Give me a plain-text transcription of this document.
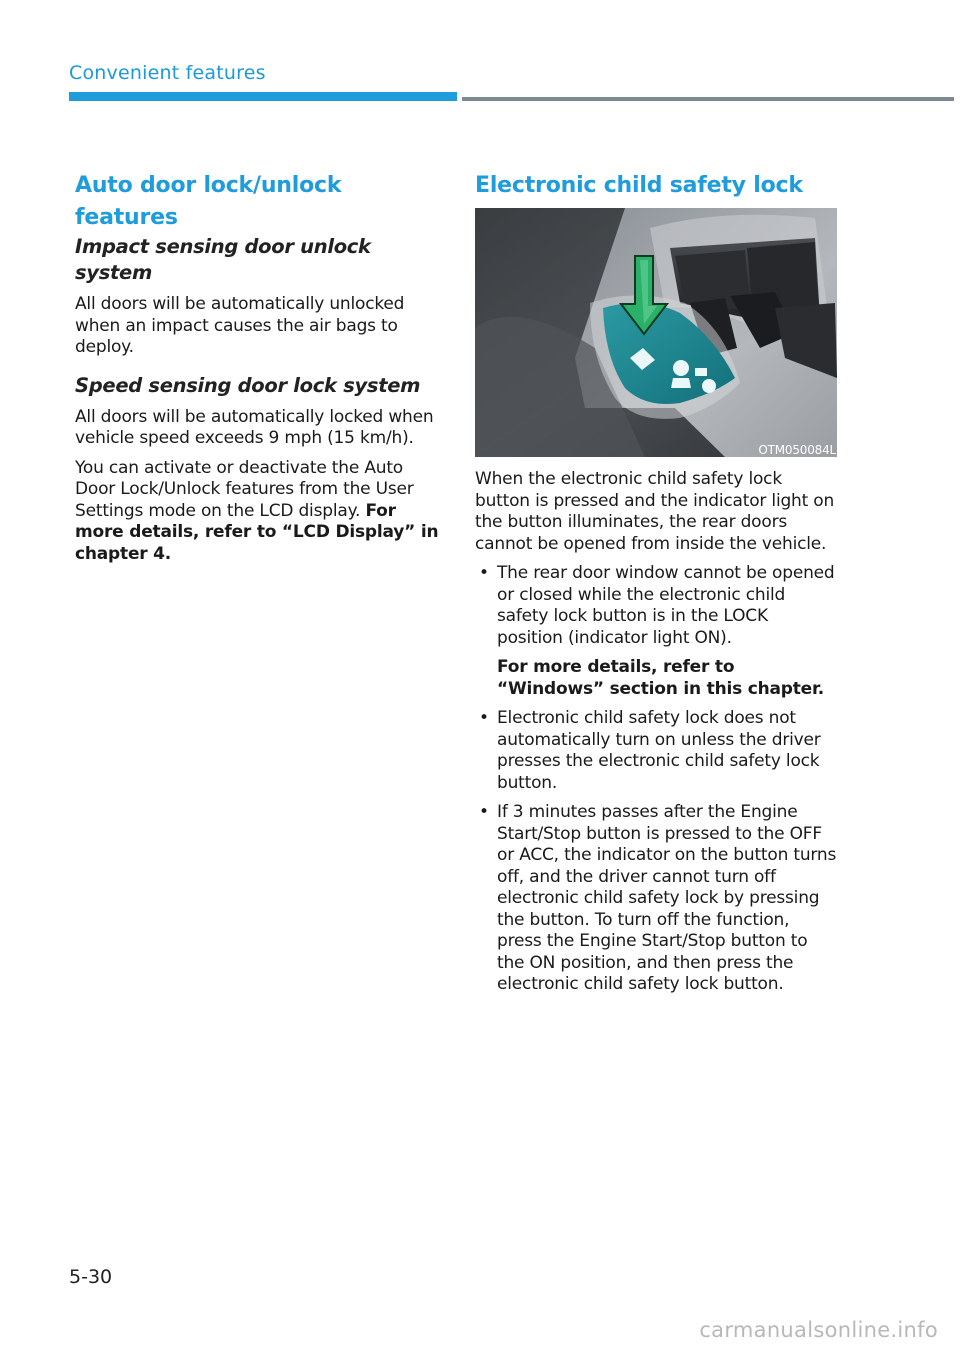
Convenient features
Auto door lock/unlock features
Impact sensing door unlock system

All doors will be automatically unlocked when an impact causes the air bags to deploy.

Speed sensing door lock system

All doors will be automatically locked when vehicle speed exceeds 9 mph (15 km/h).

You can activate or deactivate the Auto Door Lock/Unlock features from the User Settings mode on the LCD display. For more details, refer to “LCD Display” in chapter 4.

Electronic child safety lock
OTM050084L

When the electronic child safety lock button is pressed and the indicator light on the button illuminates, the rear doors cannot be opened from inside the vehicle.

• The rear door window cannot be opened or closed while the electronic child safety lock button is in the LOCK position (indicator light ON).
For more details, refer to “Windows” section in this chapter.
• Electronic child safety lock does not automatically turn on unless the driver presses the electronic child safety lock button.
• If 3 minutes passes after the Engine Start/Stop button is pressed to the OFF or ACC, the indicator on the button turns off, and the driver cannot turn off electronic child safety lock by pressing the button. To turn off the function, press the Engine Start/Stop button to the ON position, and then press the electronic child safety lock button.
5-30
carmanualsonline.info
